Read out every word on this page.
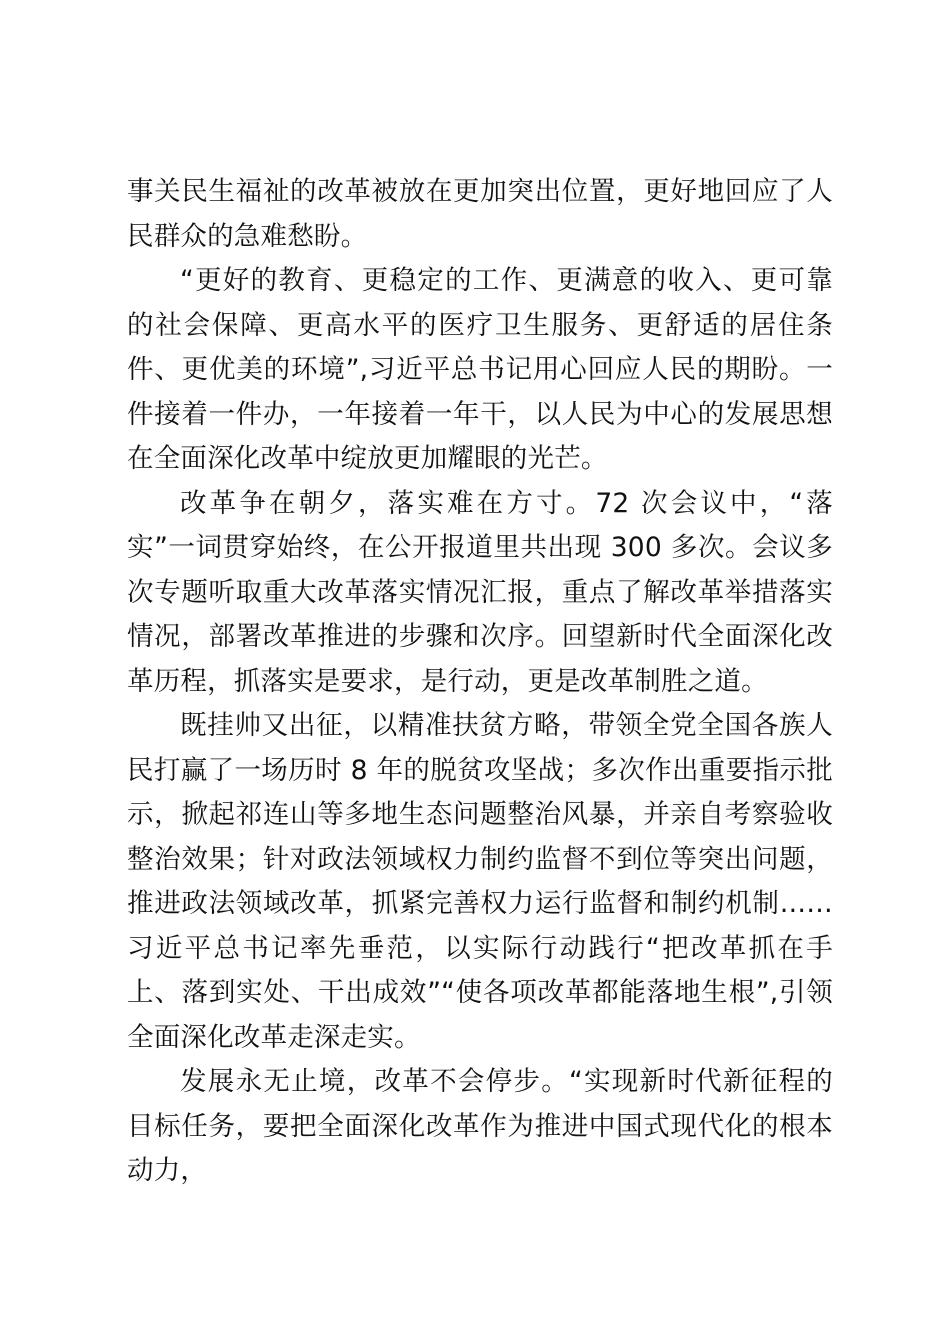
事关民生福祉的改革被放在更加突出位置，更好地回应了人民群众的急难愁盼。

“更好的教育、更稳定的工作、更满意的收入、更可靠的社会保障、更高水平的医疗卫生服务、更舒适的居住条件、更优美的环境”,习近平总书记用心回应人民的期盼。一件接着一件办，一年接着一年干，以人民为中心的发展思想在全面深化改革中绽放更加耀眼的光芒。

改革争在朝夕，落实难在方寸。72 次会议中，“落实”一词贯穿始终，在公开报道里共出现 300 多次。会议多次专题听取重大改革落实情况汇报，重点了解改革举措落实情况，部署改革推进的步骤和次序。回望新时代全面深化改革历程，抓落实是要求，是行动，更是改革制胜之道。

既挂帅又出征，以精准扶贫方略，带领全党全国各族人民打赢了一场历时 8 年的脱贫攻坚战；多次作出重要指示批示，掀起祁连山等多地生态问题整治风暴，并亲自考察验收整治效果；针对政法领域权力制约监督不到位等突出问题，推进政法领域改革，抓紧完善权力运行监督和制约机制……习近平总书记率先垂范，以实际行动践行“把改革抓在手上、落到实处、干出成效”“使各项改革都能落地生根”,引领全面深化改革走深走实。

发展永无止境，改革不会停步。“实现新时代新征程的目标任务，要把全面深化改革作为推进中国式现代化的根本动力，
